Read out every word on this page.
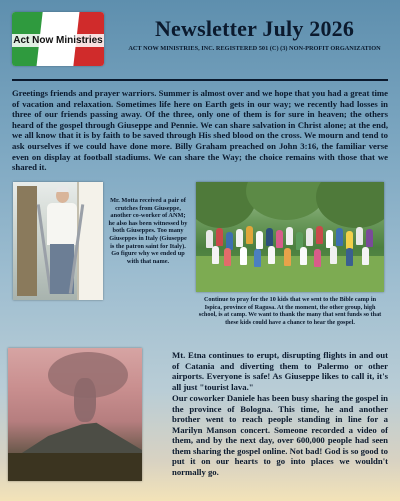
Act Now Ministries	Newsletter July 2026
ACT NOW MINISTRIES, INC. REGISTERED 501 (C) (3) NON-PROFIT ORGANIZATION
Greetings friends and prayer warriors. Summer is almost over and we hope that you had a great time of vacation and relaxation. Sometimes life here on Earth gets in our way; we recently had losses in three of our friends passing away. Of the three, only one of them is for sure in heaven; the others heard of the gospel through Giuseppe and Pennie. We can share salvation in Christ alone; at the end, we all know that it is by faith to be saved through His shed blood on the cross. We mourn and tend to ask ourselves if we could have done more. Billy Graham preached on John 3:16, the familiar verse even on display at football stadiums. We can share the Way; the choice remains with those that we shared it.
Mr. Motta received a pair of crutches from Giuseppe, another co-worker of ANM; he also has been witnessed by both Giuseppes. Too many Giuseppes in Italy (Giuseppe is the patron saint for Italy). Go figure why we ended up with that name.
Continue to pray for the 10 kids that we sent to the Bible camp in Ispica, province of Ragusa. At the moment, the other group, high school, is at camp. We want to thank the many that sent funds so that these kids could have a chance to hear the gospel.

Mt. Etna continues to erupt, disrupting flights in and out of Catania and diverting them to Palermo or other airports. Everyone is safe! As Giuseppe likes to call it, it's all just "tourist lava."

Our coworker Daniele has been busy sharing the gospel in the province of Bologna. This time, he and another brother went to reach people standing in line for a Marilyn Manson concert. Someone recorded a video of them, and by the next day, over 600,000 people had seen them sharing the gospel online. Not bad! God is so good to put it on our hearts to go into places we wouldn't normally go.
